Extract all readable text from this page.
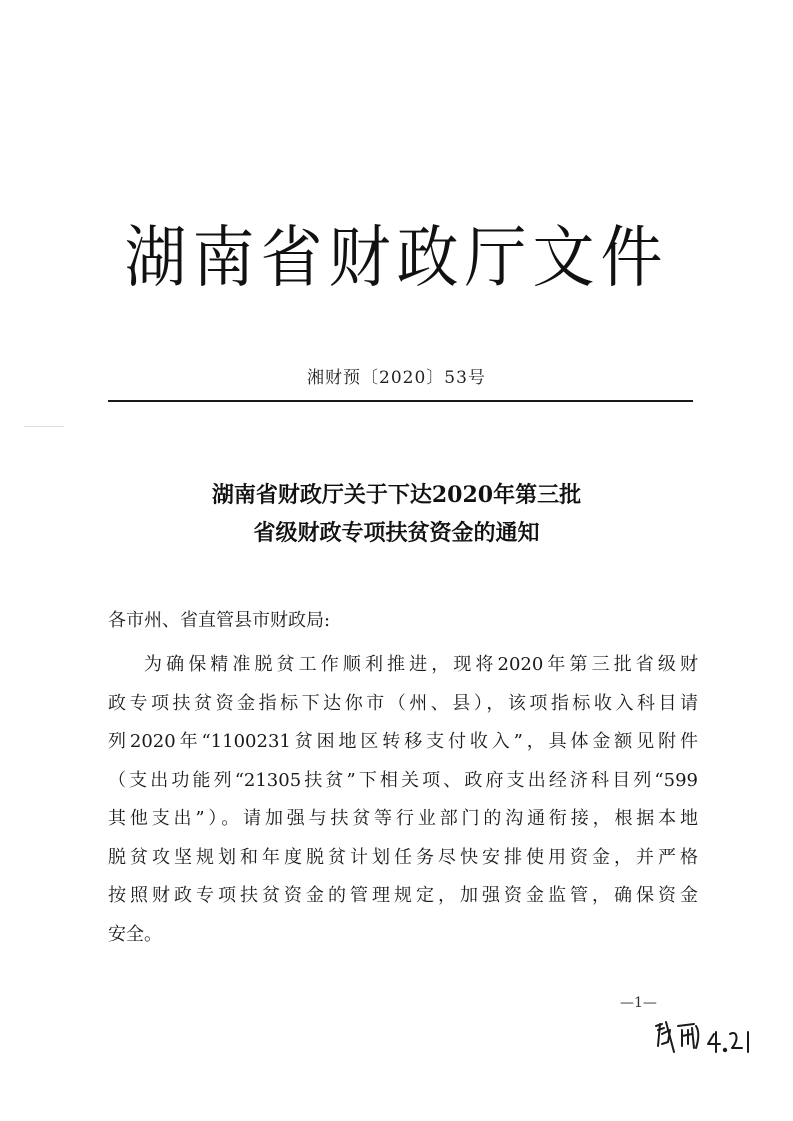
湖南省财政厅文件
湘财预〔2020〕53号
湖南省财政厅关于下达2020年第三批
省级财政专项扶贫资金的通知
各市州、省直管县市财政局:
为确保精准脱贫工作顺利推进，现将2020年第三批省级财
政专项扶贫资金指标下达你市（州、县），该项指标收入科目请
列2020年“1100231贫困地区转移支付收入”，具体金额见附件
（支出功能列“21305扶贫”下相关项、政府支出经济科目列“599
其他支出”）。请加强与扶贫等行业部门的沟通衔接，根据本地
脱贫攻坚规划和年度脱贫计划任务尽快安排使用资金，并严格
按照财政专项扶贫资金的管理规定，加强资金监管，确保资金
安全。
—1—
